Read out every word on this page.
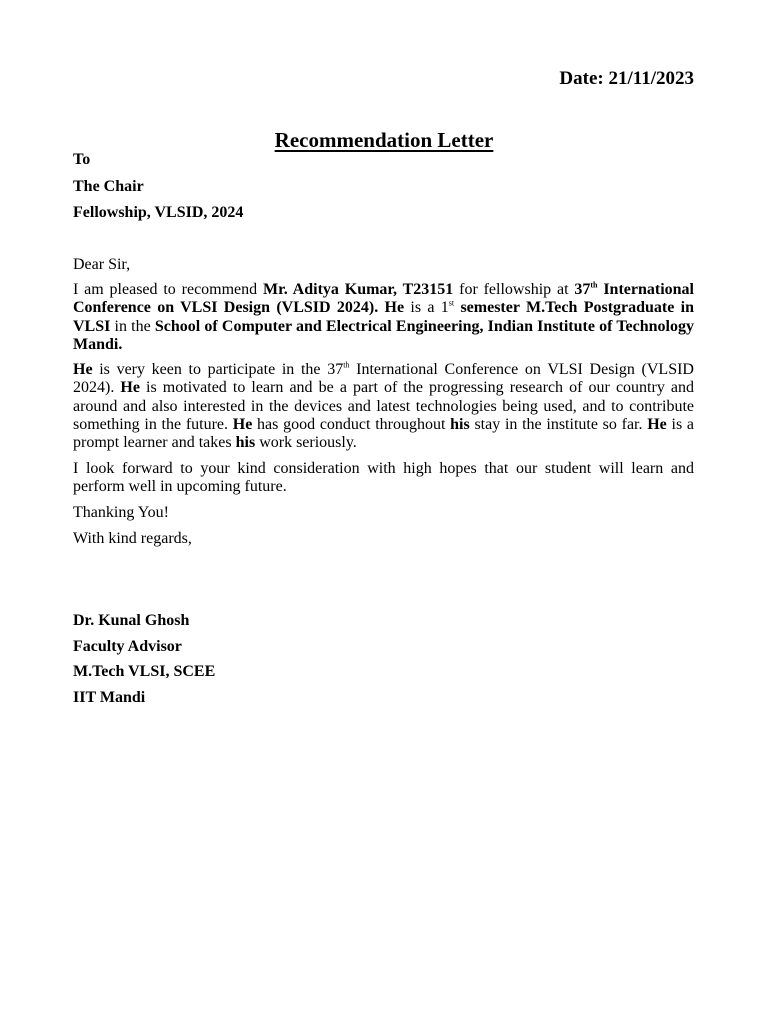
Date: 21/11/2023
Recommendation Letter
To
The Chair
Fellowship, VLSID, 2024
Dear Sir,

I am pleased to recommend Mr. Aditya Kumar, T23151 for fellowship at 37th International Conference on VLSI Design (VLSID 2024). He is a 1st semester M.Tech Postgraduate in VLSI in the School of Computer and Electrical Engineering, Indian Institute of Technology Mandi.

He is very keen to participate in the 37th International Conference on VLSI Design (VLSID 2024). He is motivated to learn and be a part of the progressing research of our country and around and also interested in the devices and latest technologies being used, and to contribute something in the future. He has good conduct throughout his stay in the institute so far. He is a prompt learner and takes his work seriously.

I look forward to your kind consideration with high hopes that our student will learn and perform well in upcoming future.

Thanking You!
With kind regards,
Dr. Kunal Ghosh
Faculty Advisor
M.Tech VLSI, SCEE
IIT Mandi
